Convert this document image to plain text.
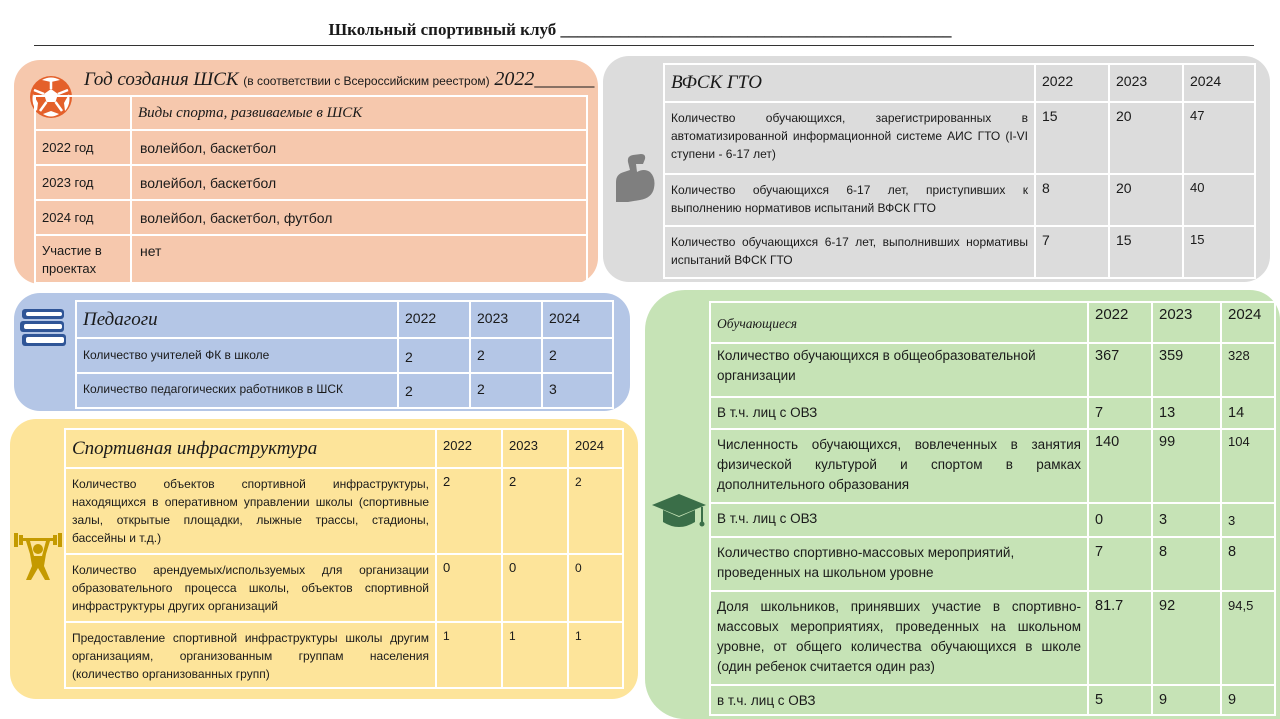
Школьный спортивный клуб ______________________________________________
Год создания ШСК (в соответствии с Всероссийским реестром) 2022______
	Виды спорта, развиваемые в ШСК
2022 год	волейбол, баскетбол
2023 год	волейбол, баскетбол
2024 год	волейбол, баскетбол, футбол
Участие в проектах	нет
ВФСК ГТО	2022	2023	2024
Количество обучающихся, зарегистрированных в автоматизированной информационной системе АИС ГТО (I-VI ступени - 6-17 лет)	15	20	47
Количество обучающихся 6-17 лет, приступивших к выполнению нормативов испытаний ВФСК ГТО	8	20	40
Количество обучающихся 6-17 лет, выполнивших нормативы испытаний ВФСК ГТО	7	15	15
Педагоги	2022	2023	2024
Количество учителей ФК в школе	2	2	2
Количество педагогических работников в ШСК	2	2	3
Спортивная инфраструктура	2022	2023	2024
Количество объектов спортивной инфраструктуры, находящихся в оперативном управлении школы (спортивные залы, открытые площадки, лыжные трассы, стадионы, бассейны и т.д.)	2	2	2
Количество арендуемых/используемых для организации образовательного процесса школы, объектов спортивной инфраструктуры других организаций	0	0	0
Предоставление спортивной инфраструктуры школы другим организациям, организованным группам населения (количество организованных групп)	1	1	1
Обучающиеся	2022	2023	2024
Количество обучающихся в общеобразовательной организации	367	359	328
В т.ч. лиц с ОВЗ	7	13	14
Численность обучающихся, вовлеченных в занятия физической культурой и спортом в рамках дополнительного образования	140	99	104
В т.ч. лиц с ОВЗ	0	3	3
Количество спортивно-массовых мероприятий, проведенных на школьном уровне	7	8	8
Доля школьников, принявших участие в спортивно-массовых мероприятиях, проведенных на школьном уровне, от общего количества обучающихся в школе (один ребенок считается один раз)	81.7	92	94,5
в т.ч. лиц с ОВЗ	5	9	9
